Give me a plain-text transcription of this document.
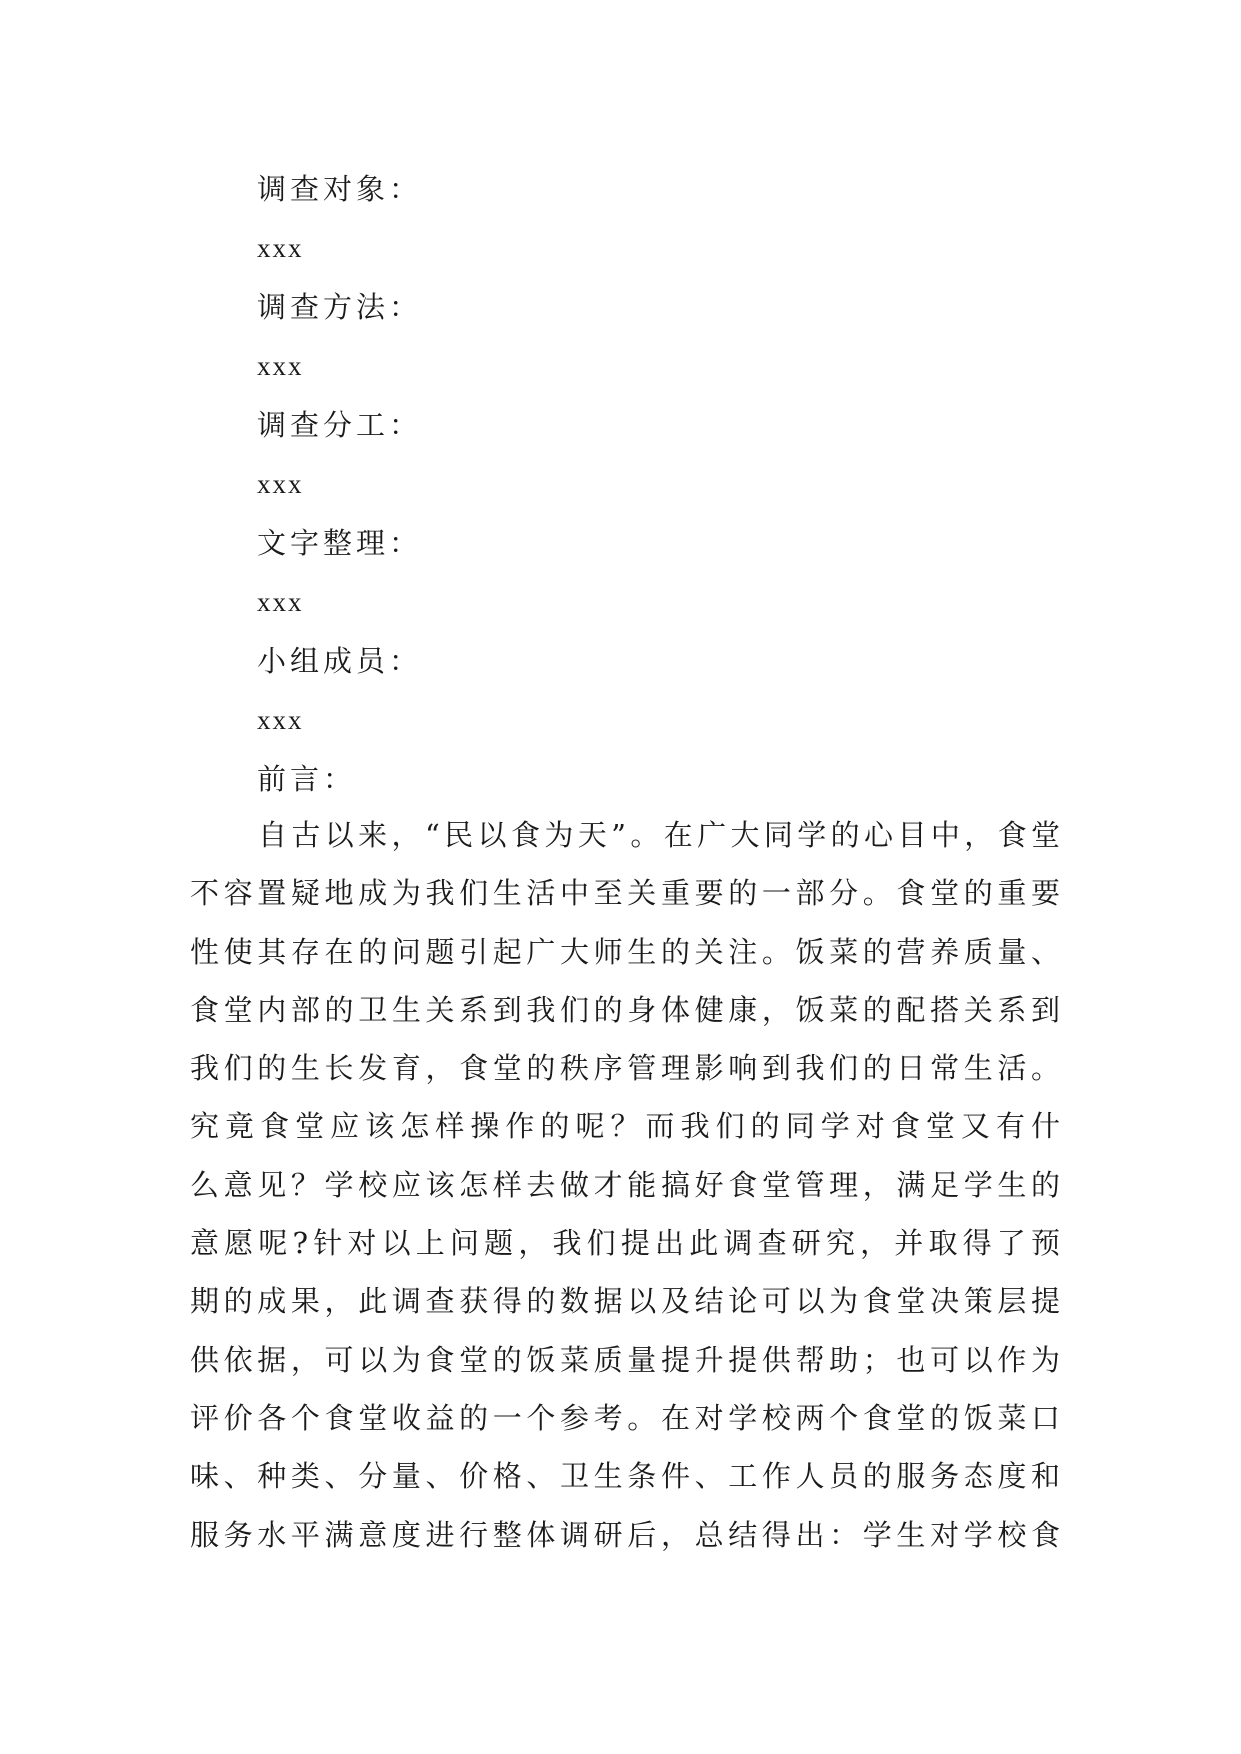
调查对象：
xxx
调查方法：
xxx
调查分工：
xxx
文字整理：
xxx
小组成员：
xxx
前言：
自古以来，“民以食为天”。在广大同学的心目中，食堂
不容置疑地成为我们生活中至关重要的一部分。食堂的重要
性使其存在的问题引起广大师生的关注。饭菜的营养质量、
食堂内部的卫生关系到我们的身体健康，饭菜的配搭关系到
我们的生长发育，食堂的秩序管理影响到我们的日常生活。
究竟食堂应该怎样操作的呢？而我们的同学对食堂又有什
么意见？学校应该怎样去做才能搞好食堂管理，满足学生的
意愿呢?针对以上问题，我们提出此调查研究，并取得了预
期的成果，此调查获得的数据以及结论可以为食堂决策层提
供依据，可以为食堂的饭菜质量提升提供帮助；也可以作为
评价各个食堂收益的一个参考。在对学校两个食堂的饭菜口
味、种类、分量、价格、卫生条件、工作人员的服务态度和
服务水平满意度进行整体调研后，总结得出：学生对学校食
